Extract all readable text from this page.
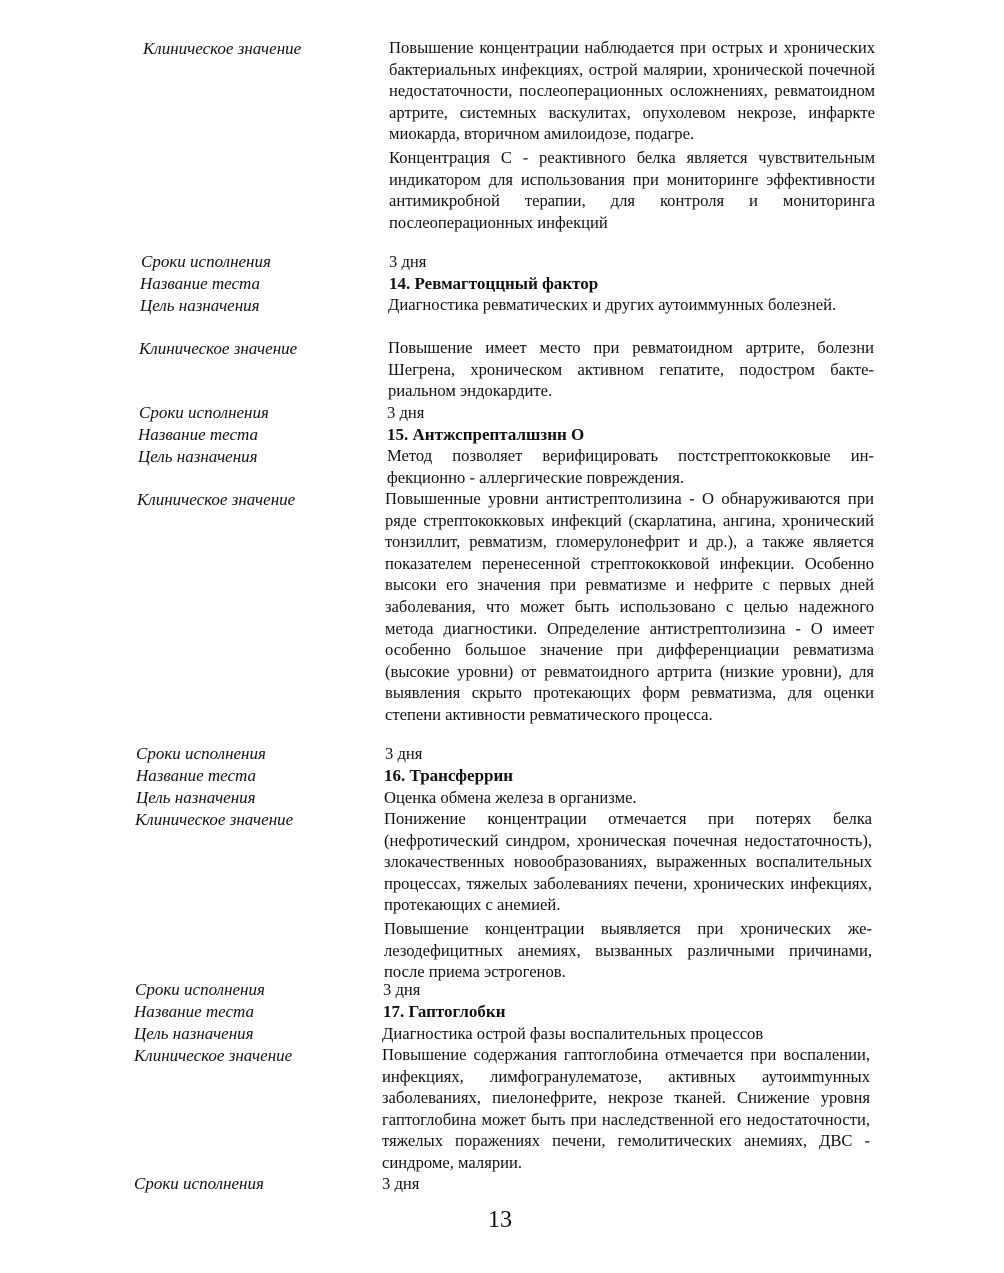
Клиническое значение	Повышение концентрации наблюдается при острых и хронических бактериальных инфекциях, острой малярии, хронической почечной недостаточности, послеоперационных осложнениях, ревматоидном артрите, системных васкулитах, опухолевом некрозе, инфаркте миокарда, вторичном амилоидозе, подагре.

Концентрация С - реактивного белка является чувствительным индикатором для использования при мониторинге эффективности антимикробной терапии, для контроля и мониторинга послеоперационных инфекций

Сроки исполнения	3 дня
Название теста	14. Ревмагтоццный фактор
Цель назначения	Диагностика ревматических и других аутоиммунных болезней.
Клиническое значение	Повышение имеет место при ревматоидном артрите, болезни Шегрена, хроническом активном гепатите, подостром бактериальном эндокардите.
Сроки исполнения	3 дня
Название теста	15. Антжспрепталшзнн О
Цель назначения	Метод позволяет верифицировать постстрептококковые инфекционно - аллергические повреждения.
Клиническое значение	Повышенные уровни антистрептолизина - О обнаруживаются при ряде стрептококковых инфекций (скарлатина, ангина, хронический тонзиллит, ревматизм, гломерулонефрит и др.), а также является показателем перенесенной стрептококковой инфекции. Особенно высоки его значения при ревматизме и нефрите с первых дней заболевания, что может быть использовано с целью надежного метода диагностики. Определение антистрептолизина - О имеет особенно большое значение при дифференциации ревматизма (высокие уровни) от ревматоидного артрита (низкие уровни), для выявления скрыто протекающих форм ревматизма, для оценки степени активности ревматического процесса.
Сроки исполнения	3 дня
Название теста	16. Трансферрин
Цель назначения	Оценка обмена железа в организме.
Клиническое значение	Понижение концентрации отмечается при потерях белка (нефротический синдром, хроническая почечная недостаточность), злокачественных новообразованиях, выраженных воспалительных процессах, тяжелых заболеваниях печени, хронических инфекциях, протекающих с анемией.

Повышение концентрации выявляется при хронических железодефицитных анемиях, вызванных различными причинами, после приема эстрогенов.

Сроки исполнения	3 дня
Название теста	17. Гаптоглобкн
Цель назначения	Диагностика острой фазы воспалительных процессов
Клиническое значение	Повышение содержания гаптоглобина отмечается при воспалении, инфекциях, лимфогранулематозе, активных аутоимmунных заболеваниях, пиелонефрите, некрозе тканей. Снижение уровня гаптоглобина может быть при наследственной его недостаточности, тяжелых поражениях печени, гемолитических анемиях, ДВС - синдроме, малярии.
Сроки исполнения	3 дня
13
